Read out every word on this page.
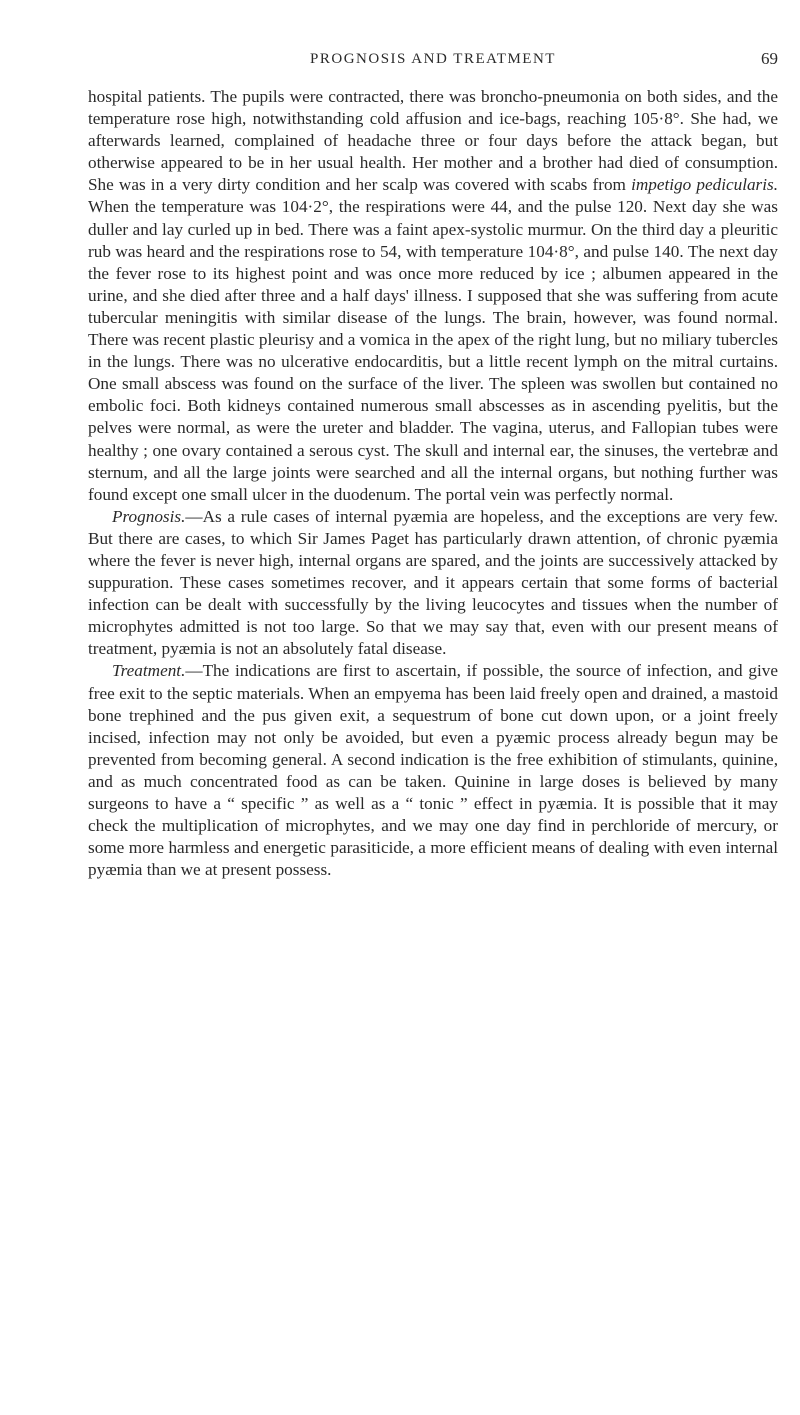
PROGNOSIS AND TREATMENT	69

hospital patients. The pupils were contracted, there was broncho-pneumonia on both sides, and the temperature rose high, notwithstanding cold affusion and ice-bags, reaching 105·8°. She had, we afterwards learned, complained of headache three or four days before the attack began, but otherwise appeared to be in her usual health. Her mother and a brother had died of consumption. She was in a very dirty condition and her scalp was covered with scabs from impetigo pedicularis. When the temperature was 104·2°, the respirations were 44, and the pulse 120. Next day she was duller and lay curled up in bed. There was a faint apex-systolic murmur. On the third day a pleuritic rub was heard and the respirations rose to 54, with temperature 104·8°, and pulse 140. The next day the fever rose to its highest point and was once more reduced by ice ; albumen appeared in the urine, and she died after three and a half days' illness. I supposed that she was suffering from acute tubercular meningitis with similar disease of the lungs. The brain, however, was found normal. There was recent plastic pleurisy and a vomica in the apex of the right lung, but no miliary tubercles in the lungs. There was no ulcerative endocarditis, but a little recent lymph on the mitral curtains. One small abscess was found on the surface of the liver. The spleen was swollen but contained no embolic foci. Both kidneys contained numerous small abscesses as in ascending pyelitis, but the pelves were normal, as were the ureter and bladder. The vagina, uterus, and Fallopian tubes were healthy ; one ovary contained a serous cyst. The skull and internal ear, the sinuses, the vertebræ and sternum, and all the large joints were searched and all the internal organs, but nothing further was found except one small ulcer in the duodenum. The portal vein was perfectly normal.

Prognosis.—As a rule cases of internal pyæmia are hopeless, and the exceptions are very few. But there are cases, to which Sir James Paget has particularly drawn attention, of chronic pyæmia where the fever is never high, internal organs are spared, and the joints are successively attacked by suppuration. These cases sometimes recover, and it appears certain that some forms of bacterial infection can be dealt with successfully by the living leucocytes and tissues when the number of microphytes admitted is not too large. So that we may say that, even with our present means of treatment, pyæmia is not an absolutely fatal disease.

Treatment.—The indications are first to ascertain, if possible, the source of infection, and give free exit to the septic materials. When an empyema has been laid freely open and drained, a mastoid bone trephined and the pus given exit, a sequestrum of bone cut down upon, or a joint freely incised, infection may not only be avoided, but even a pyæmic process already begun may be prevented from becoming general. A second indication is the free exhibition of stimulants, quinine, and as much concentrated food as can be taken. Quinine in large doses is believed by many surgeons to have a “ specific ” as well as a “ tonic ” effect in pyæmia. It is possible that it may check the multiplication of microphytes, and we may one day find in perchloride of mercury, or some more harmless and energetic parasiticide, a more efficient means of dealing with even internal pyæmia than we at present possess.
